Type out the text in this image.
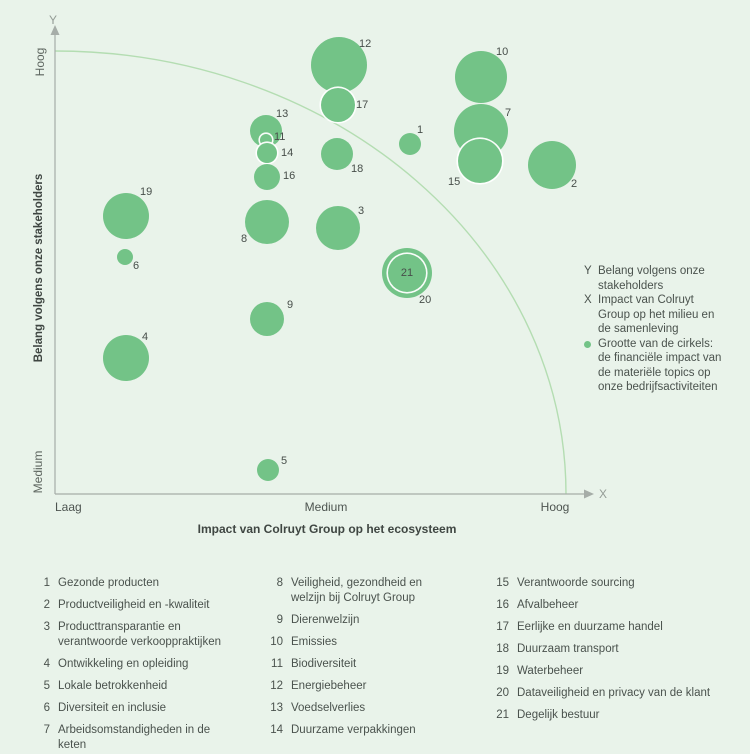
12
17
13
11
14
16
19
6
8
3
1
10
7
15	2
18
9
4
20
21
5
Y
X
Hoog
Belang volgens onze stakeholders
Medium
Laag	Medium	Hoog
Impact van Colruyt Group op het ecosysteem
Y Belang volgens onze stakeholders
X Impact van Colruyt Group op het milieu en de samenleving
Grootte van de cirkels: de financiële impact van de materiële topics op onze bedrijfsactiviteiten
1 Gezonde producten
2 Productveiligheid en -kwaliteit
3 Producttransparantie en verantwoorde verkooppraktijken
4 Ontwikkeling en opleiding
5 Lokale betrokkenheid
6 Diversiteit en inclusie
7 Arbeidsomstandigheden in de keten
8 Veiligheid, gezondheid en welzijn bij Colruyt Group
9 Dierenwelzijn
10 Emissies
11 Biodiversiteit
12 Energiebeheer
13 Voedselverlies
14 Duurzame verpakkingen
15 Verantwoorde sourcing
16 Afvalbeheer
17 Eerlijke en duurzame handel
18 Duurzaam transport
19 Waterbeheer
20 Dataveiligheid en privacy van de klant
21 Degelijk bestuur
